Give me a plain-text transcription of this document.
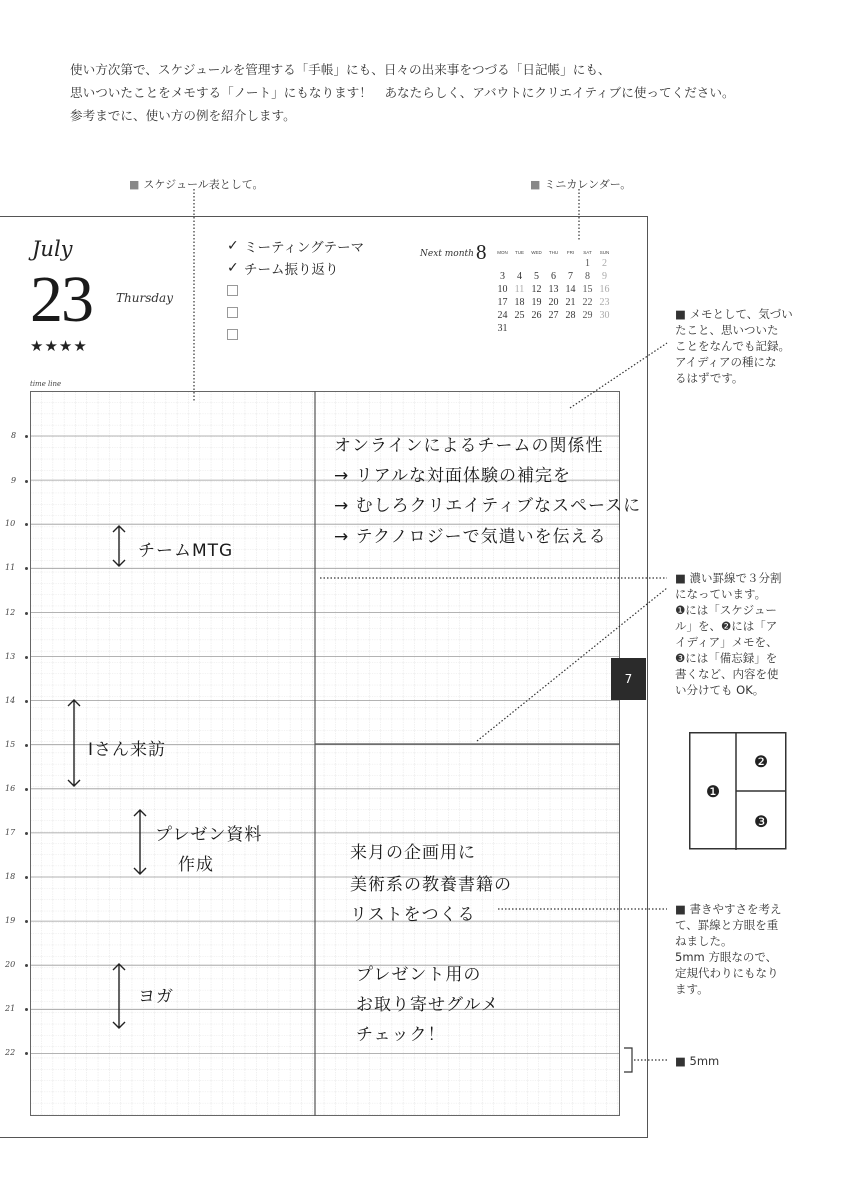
使い方次第で、スケジュールを管理する「手帳」にも、日々の出来事をつづる「日記帳」にも、
思いついたことをメモする「ノート」にもなります！　あなたらしく、アバウトにクリエイティブに使ってください。
参考までに、使い方の例を紹介します。
■ スケジュール表として。	■ ミニカレンダー。
July
23 Thursday
★★★★
time line
✓ ミーティングテーマ
✓ チーム振り返り
Next month 8 MON	TUE	WED	THU	FRI	SAT	SUN
					1	2
3	4	5	6	7	8	9
10	11	12	13	14	15	16
17	18	19	20	21	22	23
24	25	26	27	28	29	30
31						
8
9
10
11
12
13
14
15
16
17
18
19
20
21
22
チームMTG
Iさん来訪
プレゼン資料
作成
ヨガ
オンラインによるチームの関係性
→ リアルな対面体験の補完を
→ むしろクリエイティブなスペースに
→ テクノロジーで気遣いを伝える
来月の企画用に
美術系の教養書籍の
リストをつくる
プレゼント用の
お取り寄せグルメ
チェック！
7
■ メモとして、気づい
たこと、思いついた
ことをなんでも記録。
アイディアの種にな
るはずです。
■ 濃い罫線で３分割
になっています。
❶には「スケジュー
ル」を、❷には「ア
イディア」メモを、
❸には「備忘録」を
書くなど、内容を使
い分けても OK。
❶
❷
❸
■ 書きやすさを考え
て、罫線と方眼を重
ねました。
5mm 方眼なので、
定規代わりにもなり
ます。
■ 5mm
